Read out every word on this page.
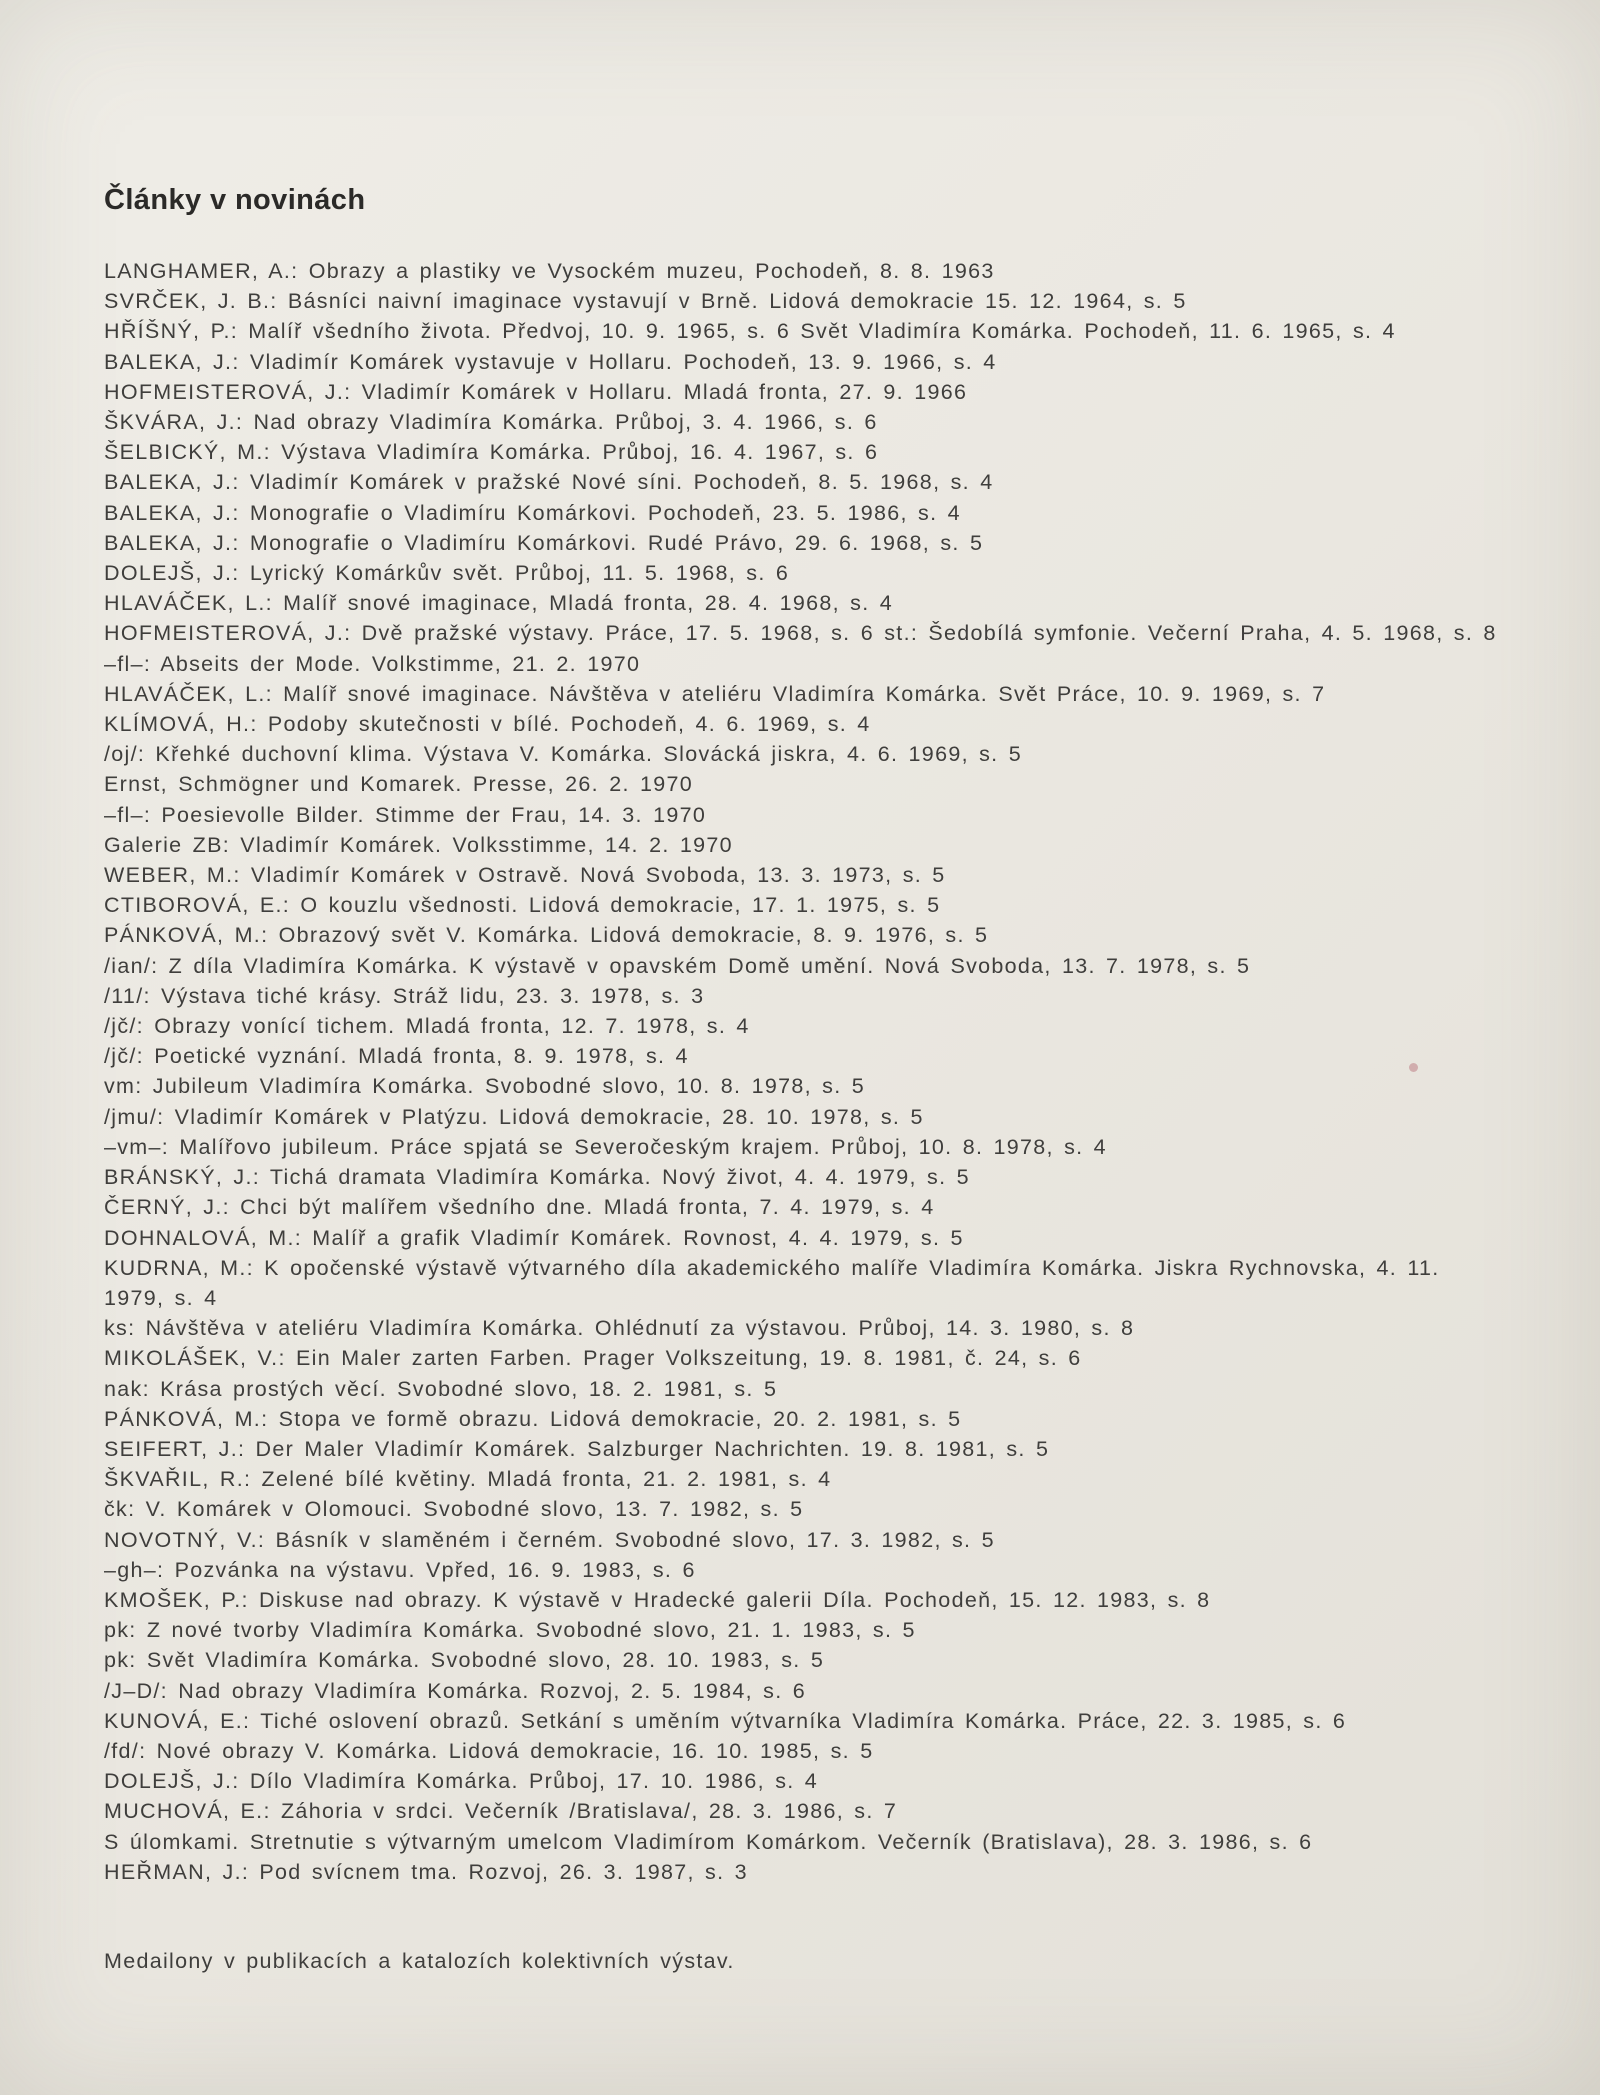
Články v novinách

LANGHAMER, A.: Obrazy a plastiky ve Vysockém muzeu, Pochodeň, 8. 8. 1963

SVRČEK, J. B.: Básníci naivní imaginace vystavují v Brně. Lidová demokracie 15. 12. 1964, s. 5

HŘÍŠNÝ, P.: Malíř všedního života. Předvoj, 10. 9. 1965, s. 6 Svět Vladimíra Komárka. Pochodeň, 11. 6. 1965, s. 4

BALEKA, J.: Vladimír Komárek vystavuje v Hollaru. Pochodeň, 13. 9. 1966, s. 4

HOFMEISTEROVÁ, J.: Vladimír Komárek v Hollaru. Mladá fronta, 27. 9. 1966

ŠKVÁRA, J.: Nad obrazy Vladimíra Komárka. Průboj, 3. 4. 1966, s. 6

ŠELBICKÝ, M.: Výstava Vladimíra Komárka. Průboj, 16. 4. 1967, s. 6

BALEKA, J.: Vladimír Komárek v pražské Nové síni. Pochodeň, 8. 5. 1968, s. 4

BALEKA, J.: Monografie o Vladimíru Komárkovi. Pochodeň, 23. 5. 1986, s. 4

BALEKA, J.: Monografie o Vladimíru Komárkovi. Rudé Právo, 29. 6. 1968, s. 5

DOLEJŠ, J.: Lyrický Komárkův svět. Průboj, 11. 5. 1968, s. 6

HLAVÁČEK, L.: Malíř snové imaginace, Mladá fronta, 28. 4. 1968, s. 4

HOFMEISTEROVÁ, J.: Dvě pražské výstavy. Práce, 17. 5. 1968, s. 6 st.: Šedobílá symfonie. Večerní Praha, 4. 5. 1968, s. 8

–fl–: Abseits der Mode. Volkstimme, 21. 2. 1970

HLAVÁČEK, L.: Malíř snové imaginace. Návštěva v ateliéru Vladimíra Komárka. Svět Práce, 10. 9. 1969, s. 7

KLÍMOVÁ, H.: Podoby skutečnosti v bílé. Pochodeň, 4. 6. 1969, s. 4

/oj/: Křehké duchovní klima. Výstava V. Komárka. Slovácká jiskra, 4. 6. 1969, s. 5

Ernst, Schmögner und Komarek. Presse, 26. 2. 1970

–fl–: Poesievolle Bilder. Stimme der Frau, 14. 3. 1970

Galerie ZB: Vladimír Komárek. Volksstimme, 14. 2. 1970

WEBER, M.: Vladimír Komárek v Ostravě. Nová Svoboda, 13. 3. 1973, s. 5

CTIBOROVÁ, E.: O kouzlu všednosti. Lidová demokracie, 17. 1. 1975, s. 5

PÁNKOVÁ, M.: Obrazový svět V. Komárka. Lidová demokracie, 8. 9. 1976, s. 5

/ian/: Z díla Vladimíra Komárka. K výstavě v opavském Domě umění. Nová Svoboda, 13. 7. 1978, s. 5

/11/: Výstava tiché krásy. Stráž lidu, 23. 3. 1978, s. 3

/jč/: Obrazy vonící tichem. Mladá fronta, 12. 7. 1978, s. 4

/jč/: Poetické vyznání. Mladá fronta, 8. 9. 1978, s. 4

vm: Jubileum Vladimíra Komárka. Svobodné slovo, 10. 8. 1978, s. 5

/jmu/: Vladimír Komárek v Platýzu. Lidová demokracie, 28. 10. 1978, s. 5

–vm–: Malířovo jubileum. Práce spjatá se Severočeským krajem. Průboj, 10. 8. 1978, s. 4

BRÁNSKÝ, J.: Tichá dramata Vladimíra Komárka. Nový život, 4. 4. 1979, s. 5

ČERNÝ, J.: Chci být malířem všedního dne. Mladá fronta, 7. 4. 1979, s. 4

DOHNALOVÁ, M.: Malíř a grafik Vladimír Komárek. Rovnost, 4. 4. 1979, s. 5

KUDRNA, M.: K opočenské výstavě výtvarného díla akademického malíře Vladimíra Komárka. Jiskra Rychnovska, 4. 11. 1979, s. 4

ks: Návštěva v ateliéru Vladimíra Komárka. Ohlédnutí za výstavou. Průboj, 14. 3. 1980, s. 8

MIKOLÁŠEK, V.: Ein Maler zarten Farben. Prager Volkszeitung, 19. 8. 1981, č. 24, s. 6

nak: Krása prostých věcí. Svobodné slovo, 18. 2. 1981, s. 5

PÁNKOVÁ, M.: Stopa ve formě obrazu. Lidová demokracie, 20. 2. 1981, s. 5

SEIFERT, J.: Der Maler Vladimír Komárek. Salzburger Nachrichten. 19. 8. 1981, s. 5

ŠKVAŘIL, R.: Zelené bílé květiny. Mladá fronta, 21. 2. 1981, s. 4

čk: V. Komárek v Olomouci. Svobodné slovo, 13. 7. 1982, s. 5

NOVOTNÝ, V.: Básník v slaměném i černém. Svobodné slovo, 17. 3. 1982, s. 5

–gh–: Pozvánka na výstavu. Vpřed, 16. 9. 1983, s. 6

KMOŠEK, P.: Diskuse nad obrazy. K výstavě v Hradecké galerii Díla. Pochodeň, 15. 12. 1983, s. 8

pk: Z nové tvorby Vladimíra Komárka. Svobodné slovo, 21. 1. 1983, s. 5

pk: Svět Vladimíra Komárka. Svobodné slovo, 28. 10. 1983, s. 5

/J–D/: Nad obrazy Vladimíra Komárka. Rozvoj, 2. 5. 1984, s. 6

KUNOVÁ, E.: Tiché oslovení obrazů. Setkání s uměním výtvarníka Vladimíra Komárka. Práce, 22. 3. 1985, s. 6

/fd/: Nové obrazy V. Komárka. Lidová demokracie, 16. 10. 1985, s. 5

DOLEJŠ, J.: Dílo Vladimíra Komárka. Průboj, 17. 10. 1986, s. 4

MUCHOVÁ, E.: Záhoria v srdci. Večerník /Bratislava/, 28. 3. 1986, s. 7

S úlomkami. Stretnutie s výtvarným umelcom Vladimírom Komárkom. Večerník (Bratislava), 28. 3. 1986, s. 6

HEŘMAN, J.: Pod svícnem tma. Rozvoj, 26. 3. 1987, s. 3

Medailony v publikacích a katalozích kolektivních výstav.
